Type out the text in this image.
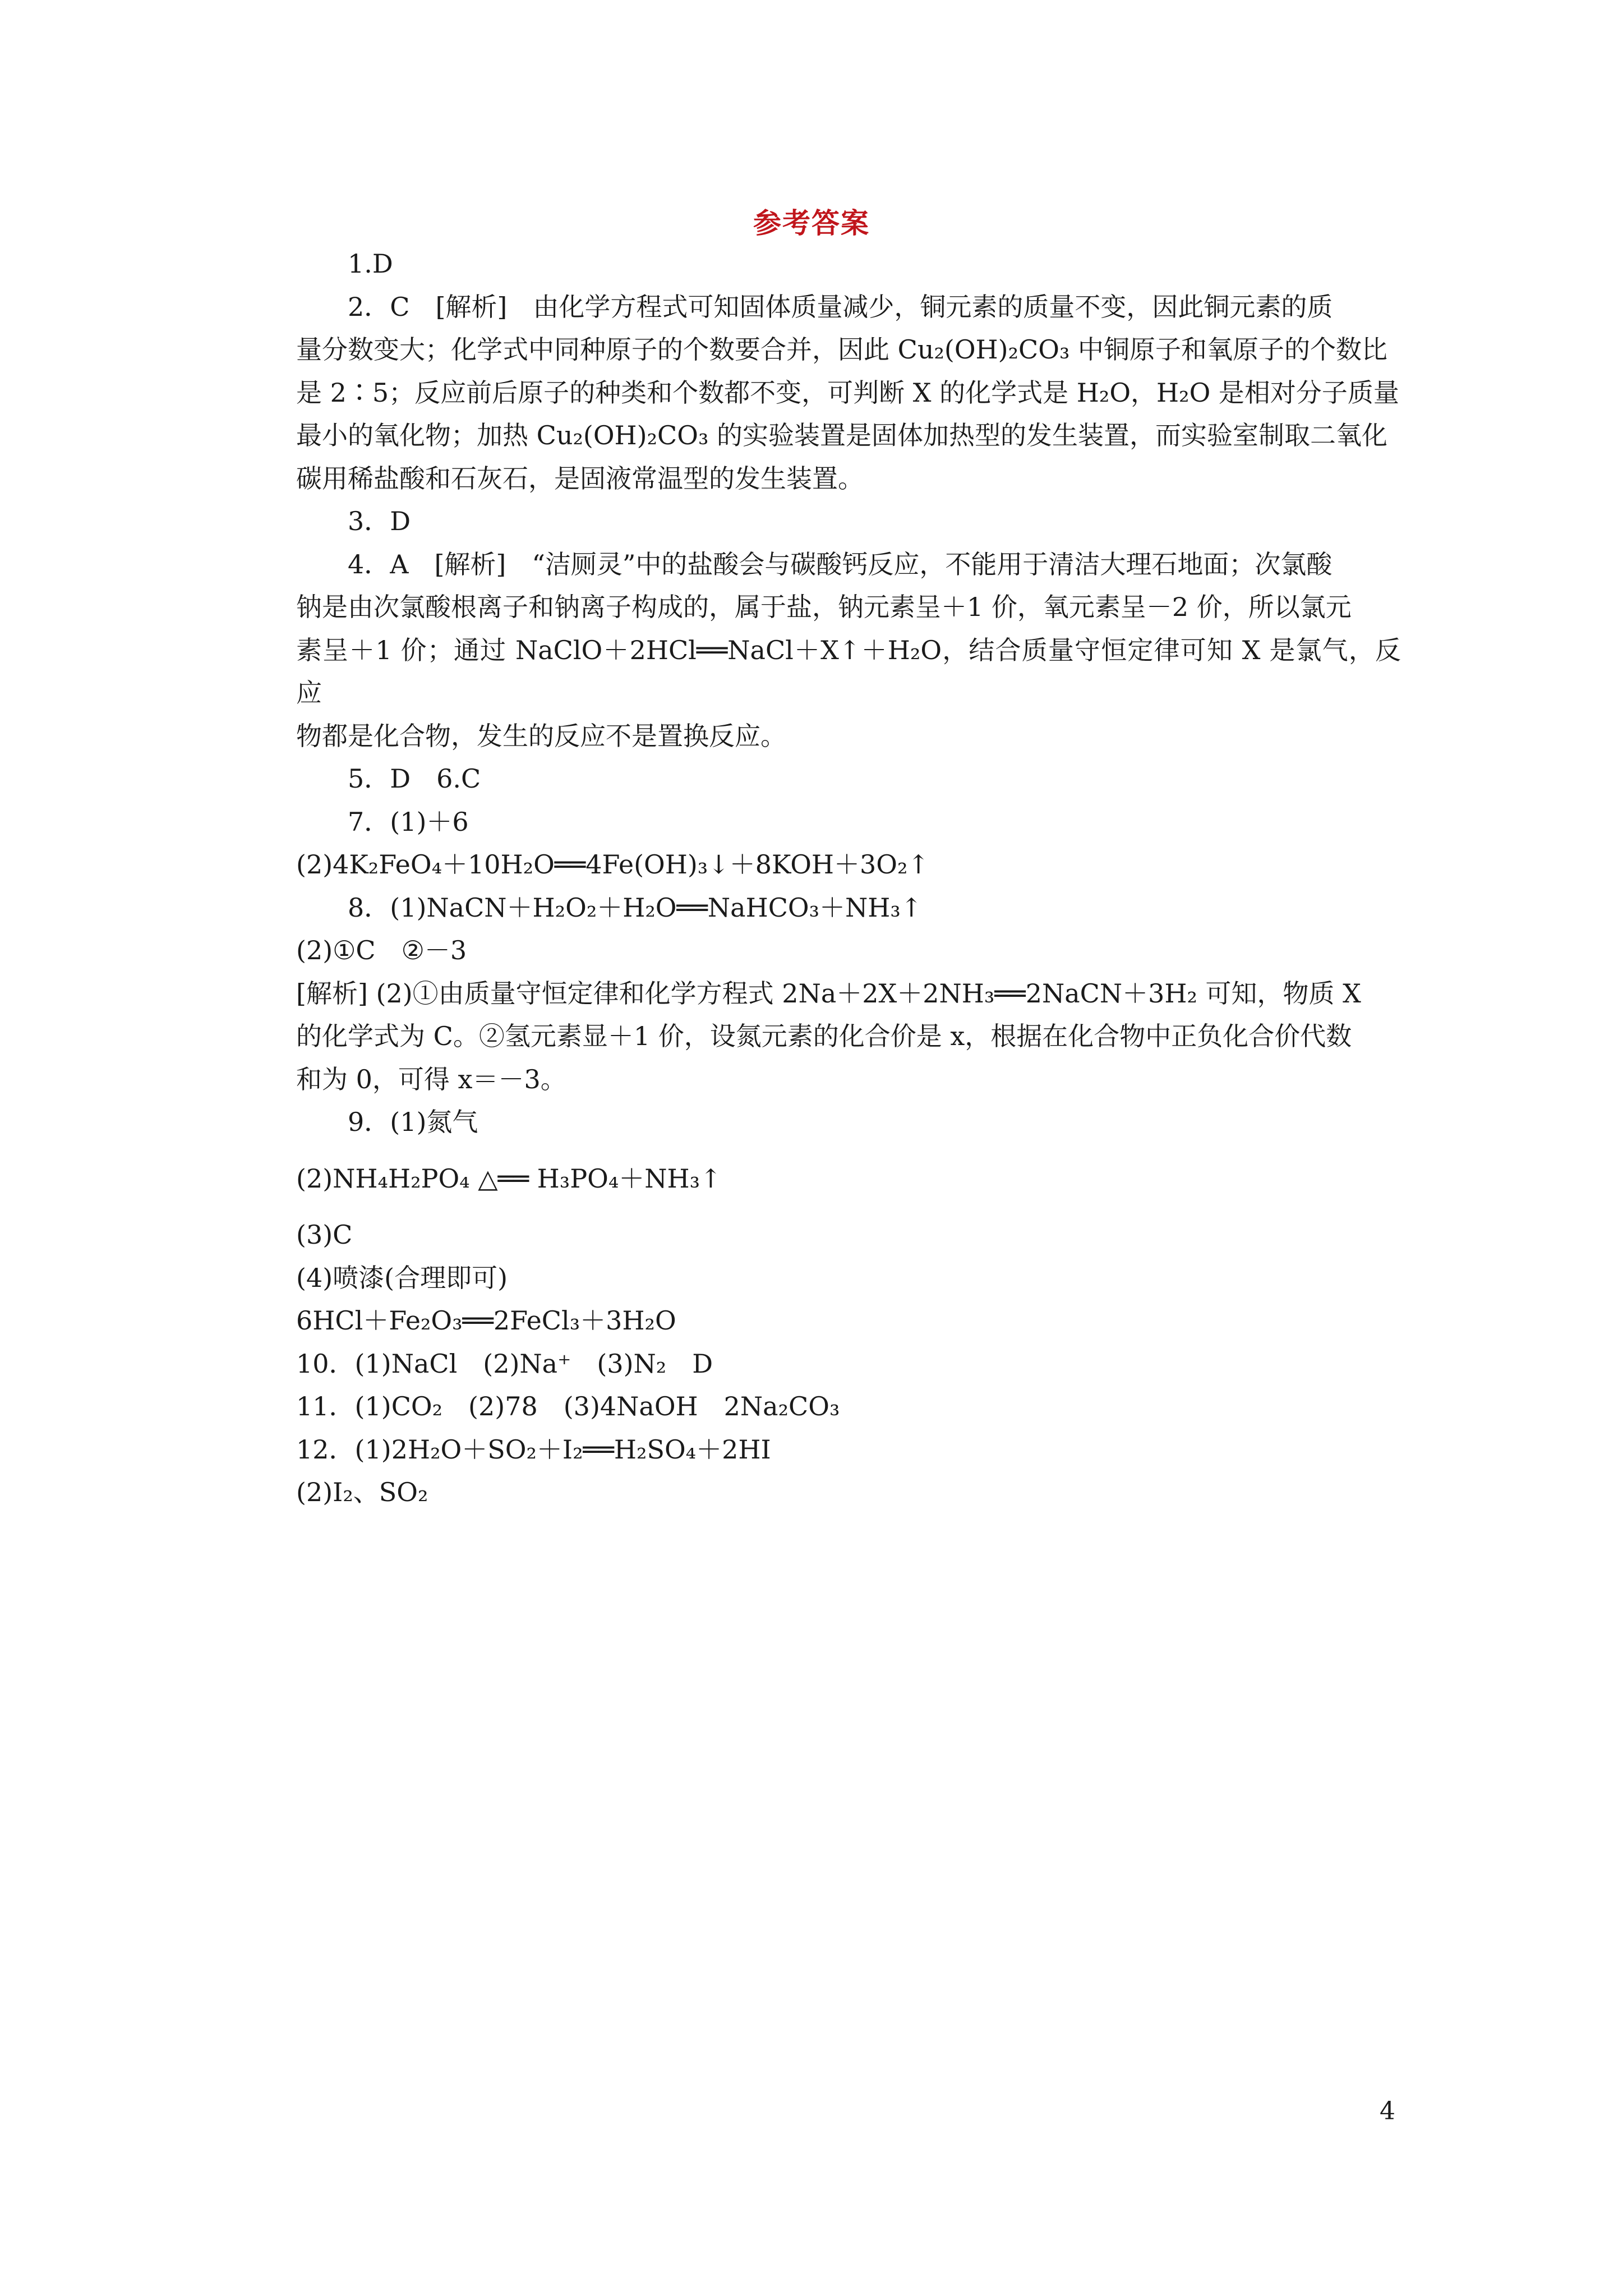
参考答案

1.D

2．C　[解析]　由化学方程式可知固体质量减少，铜元素的质量不变，因此铜元素的质

量分数变大；化学式中同种原子的个数要合并，因此 Cu₂(OH)₂CO₃ 中铜原子和氧原子的个数比

是 2∶5；反应前后原子的种类和个数都不变，可判断 X 的化学式是 H₂O，H₂O 是相对分子质量

最小的氧化物；加热 Cu₂(OH)₂CO₃ 的实验装置是固体加热型的发生装置，而实验室制取二氧化

碳用稀盐酸和石灰石，是固液常温型的发生装置。

3．D

4．A　[解析]　“洁厕灵”中的盐酸会与碳酸钙反应，不能用于清洁大理石地面；次氯酸

钠是由次氯酸根离子和钠离子构成的，属于盐，钠元素呈＋1 价，氧元素呈－2 价，所以氯元

素呈＋1 价；通过 NaClO＋2HCl══NaCl＋X↑＋H₂O，结合质量守恒定律可知 X 是氯气，反应

物都是化合物，发生的反应不是置换反应。

5．D　6.C

7．(1)＋6

(2)4K₂FeO₄＋10H₂O══4Fe(OH)₃↓＋8KOH＋3O₂↑

8．(1)NaCN＋H₂O₂＋H₂O══NaHCO₃＋NH₃↑

(2)①C　②－3

[解析] (2)①由质量守恒定律和化学方程式 2Na＋2X＋2NH₃══2NaCN＋3H₂ 可知，物质 X

的化学式为 C。②氢元素显＋1 价，设氮元素的化合价是 x，根据在化合物中正负化合价代数

和为 0，可得 x＝－3。

9．(1)氮气

(2)NH₄H₂PO₄ △══ H₃PO₄＋NH₃↑

(3)C

(4)喷漆(合理即可)

6HCl＋Fe₂O₃══2FeCl₃＋3H₂O

10．(1)NaCl　(2)Na⁺　(3)N₂　D

11．(1)CO₂　(2)78　(3)4NaOH　2Na₂CO₃

12．(1)2H₂O＋SO₂＋I₂══H₂SO₄＋2HI

(2)I₂、SO₂

4
